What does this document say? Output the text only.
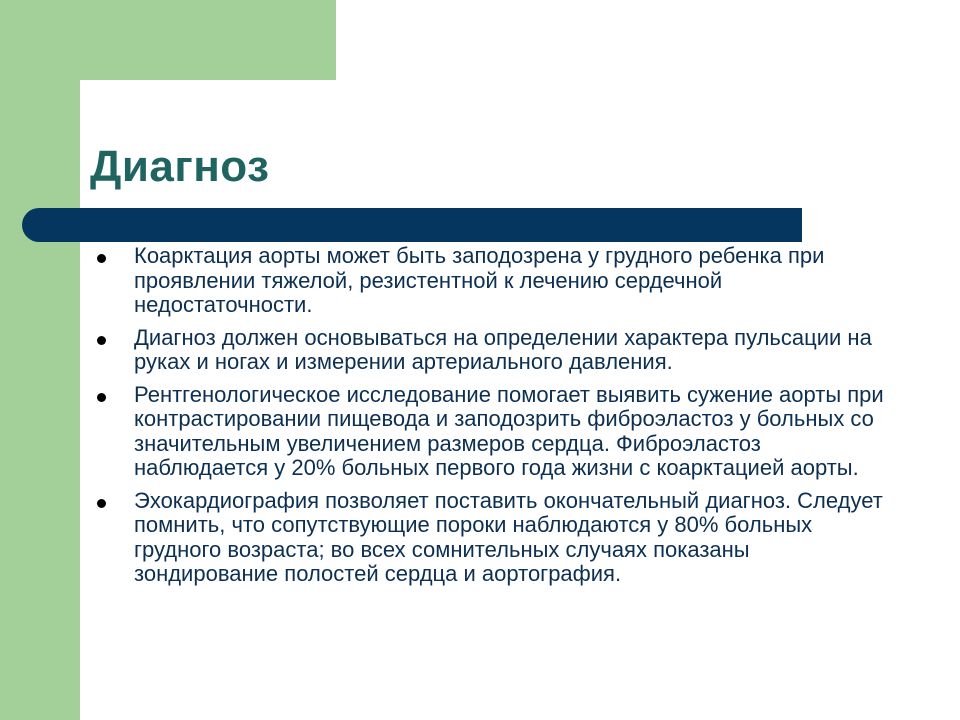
Диагноз

Коарктация аорты может быть заподозрена у грудного ребенка при проявлении тяжелой, резистентной к лечению сердечной недостаточности.

Диагноз должен основываться на определении характера пульсации на руках и ногах и измерении артериального давления.

Рентгенологическое исследование помогает выявить сужение аорты при контрастировании пищевода и заподозрить фиброэластоз у больных со значительным увеличением размеров сердца. Фиброэластоз наблюдается у 20% больных первого года жизни с коарктацией аорты.

Эхокардиография позволяет поставить окончательный диагноз. Следует помнить, что сопутствующие пороки наблюдаются у 80% больных грудного возраста; во всех сомнительных случаях показаны зондирование полостей сердца и аортография.
